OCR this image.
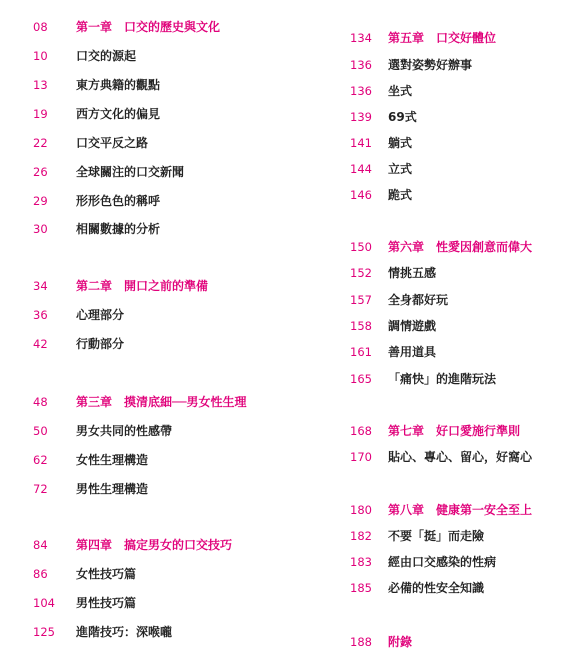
08 第一章　口交的歷史與文化
10 口交的源起
13 東方典籍的觀點
19 西方文化的偏見
22 口交平反之路
26 全球關注的口交新聞
29 形形色色的稱呼
30 相關數據的分析
34 第二章　開口之前的準備
36 心理部分
42 行動部分
48 第三章　摸清底細──男女性生理
50 男女共同的性感帶
62 女性生理構造
72 男性生理構造
84 第四章　搞定男女的口交技巧
86 女性技巧篇
104 男性技巧篇
125 進階技巧：深喉嚨
134 第五章　口交好體位
136 選對姿勢好辦事
136 坐式
139 69式
141 躺式
144 立式
146 跪式
150 第六章　性愛因創意而偉大
152 情挑五感
157 全身都好玩
158 調情遊戲
161 善用道具
165 「痛快」的進階玩法
168 第七章　好口愛施行準則
170 貼心、專心、留心，好窩心
180 第八章　健康第一安全至上
182 不要「挺」而走險
183 經由口交感染的性病
185 必備的性安全知識
188 附錄
